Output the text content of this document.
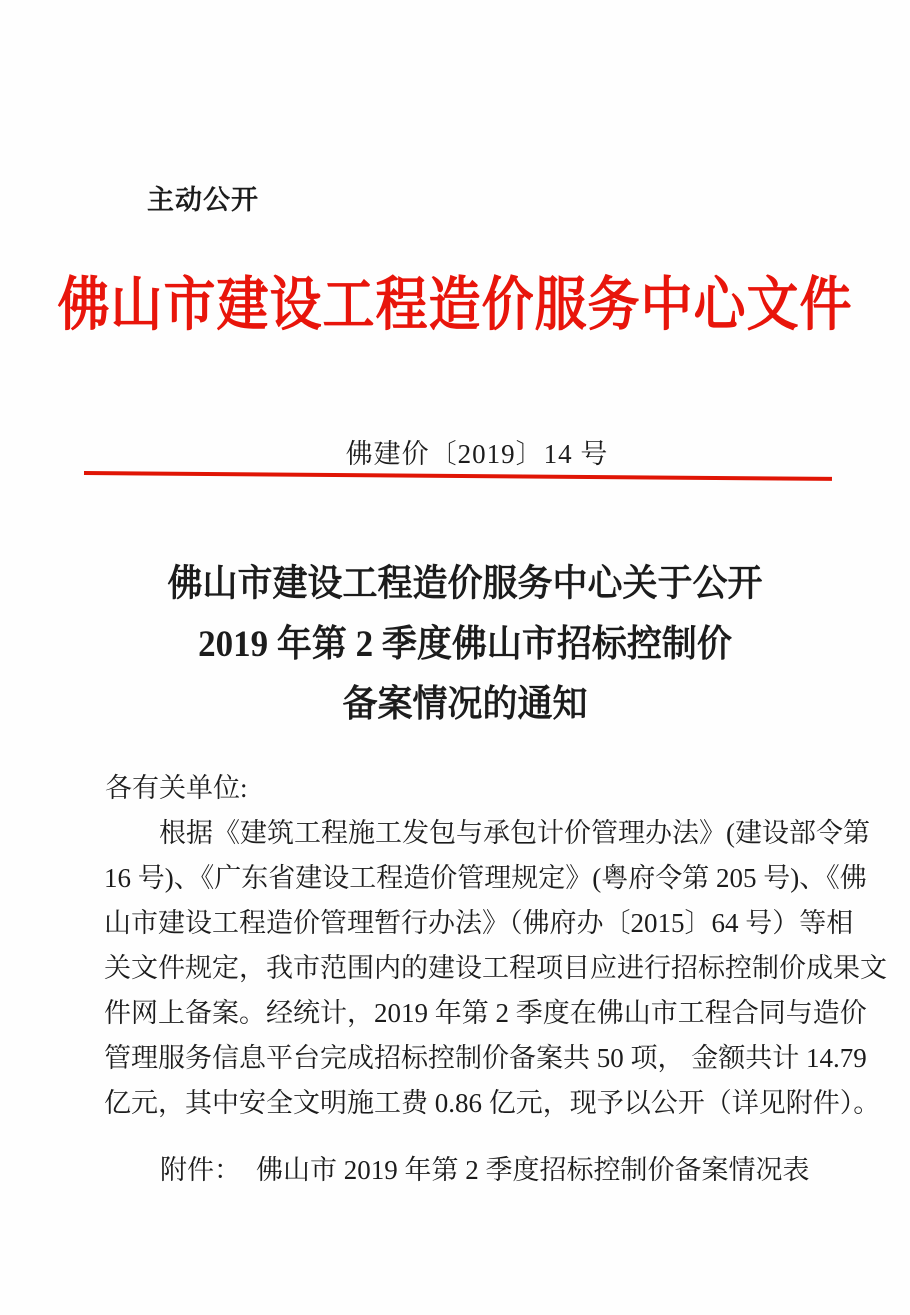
主动公开
佛山市建设工程造价服务中心文件
佛建价〔2019〕14 号
佛山市建设工程造价服务中心关于公开
2019 年第 2 季度佛山市招标控制价
备案情况的通知
各有关单位:
根据《建筑工程施工发包与承包计价管理办法》(建设部令第
16 号)、《广东省建设工程造价管理规定》(粤府令第 205 号)、《佛
山市建设工程造价管理暂行办法》（佛府办〔2015〕64 号）等相
关文件规定，我市范围内的建设工程项目应进行招标控制价成果文
件网上备案。经统计，2019 年第 2 季度在佛山市工程合同与造价
管理服务信息平台完成招标控制价备案共 50 项， 金额共计 14.79
亿元，其中安全文明施工费 0.86 亿元，现予以公开（详见附件）。
附件： 佛山市 2019 年第 2 季度招标控制价备案情况表
